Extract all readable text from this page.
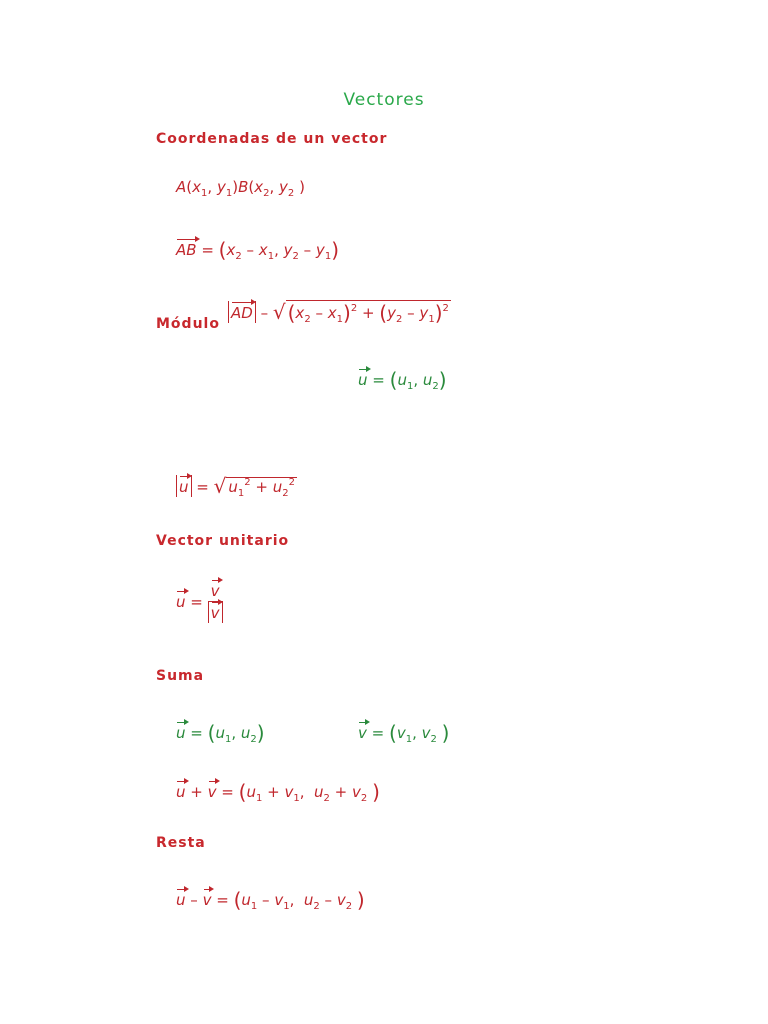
Vectores
Coordenadas de un vector
$A(x_1$, $y_1)B(x_2$, $y_2$ )
AB = ($x_2 - x_1$, $y_2 - y_1$)
Módulo
AD – √ $(x_2 - x_1)^2 + (y_2 - y_1)^2$
$u = (u_1$, $u_2$)
u = √ $u_1^2 + u_2^2$
Vector unitario
$u = \frac{v}{v}$
Suma
$u = (u_1$, $u_2$)	$v = (v_1$, $v_2$ )
$u + v = (u_1 + v_1$,  $u_2 + v_2$ )
Resta
$u - v = (u_1 - v_1$,  $u_2 - v_2$ )
